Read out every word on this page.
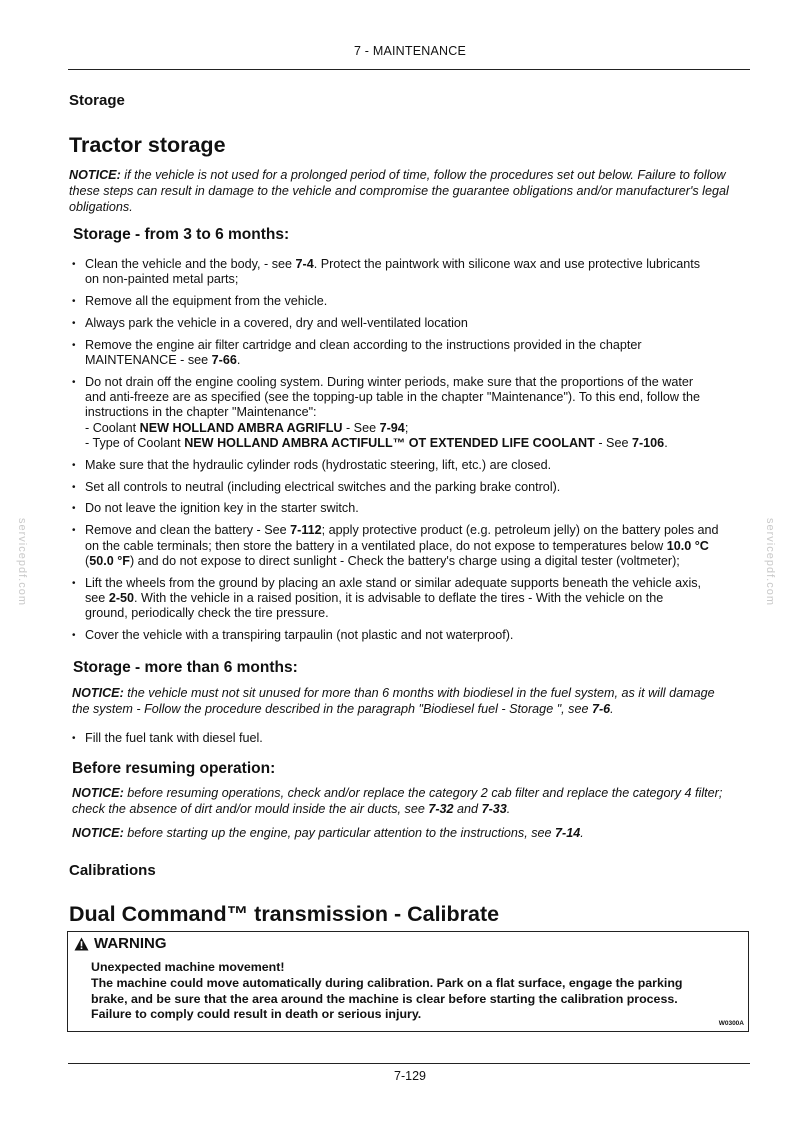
7 - MAINTENANCE
servicepdf.com	servicepdf.com
Storage
Tractor storage
NOTICE: if the vehicle is not used for a prolonged period of time, follow the procedures set out below. Failure to follow
these steps can result in damage to the vehicle and compromise the guarantee obligations and/or manufacturer's legal
obligations.
Storage - from 3 to 6 months:
• Clean the vehicle and the body, - see 7-4. Protect the paintwork with silicone wax and use protective lubricants
on non-painted metal parts;
• Remove all the equipment from the vehicle.
• Always park the vehicle in a covered, dry and well-ventilated location
• Remove the engine air filter cartridge and clean according to the instructions provided in the chapter
MAINTENANCE - see 7-66.
• Do not drain off the engine cooling system. During winter periods, make sure that the proportions of the water
and anti-freeze are as specified (see the topping-up table in the chapter "Maintenance"). To this end, follow the
instructions in the chapter "Maintenance":
- Coolant NEW HOLLAND AMBRA AGRIFLU - See 7-94;
- Type of Coolant NEW HOLLAND AMBRA ACTIFULL™ OT EXTENDED LIFE COOLANT - See 7-106.
• Make sure that the hydraulic cylinder rods (hydrostatic steering, lift, etc.) are closed.
• Set all controls to neutral (including electrical switches and the parking brake control).
• Do not leave the ignition key in the starter switch.
• Remove and clean the battery - See 7-112; apply protective product (e.g. petroleum jelly) on the battery poles and
on the cable terminals; then store the battery in a ventilated place, do not expose to temperatures below 10.0 °C
(50.0 °F) and do not expose to direct sunlight - Check the battery's charge using a digital tester (voltmeter);
• Lift the wheels from the ground by placing an axle stand or similar adequate supports beneath the vehicle axis,
see 2-50. With the vehicle in a raised position, it is advisable to deflate the tires - With the vehicle on the
ground, periodically check the tire pressure.
• Cover the vehicle with a transpiring tarpaulin (not plastic and not waterproof).
Storage - more than 6 months:
NOTICE: the vehicle must not sit unused for more than 6 months with biodiesel in the fuel system, as it will damage
the system - Follow the procedure described in the paragraph "Biodiesel fuel - Storage ", see 7-6.
• Fill the fuel tank with diesel fuel.
Before resuming operation:
NOTICE: before resuming operations, check and/or replace the category 2 cab filter and replace the category 4 filter;
check the absence of dirt and/or mould inside the air ducts, see 7-32 and 7-33.
NOTICE: before starting up the engine, pay particular attention to the instructions, see 7-14.
Calibrations
Dual Command™ transmission - Calibrate
WARNING
Unexpected machine movement!
The machine could move automatically during calibration. Park on a flat surface, engage the parking
brake, and be sure that the area around the machine is clear before starting the calibration process.
Failure to comply could result in death or serious injury.
W0300A
7-129
